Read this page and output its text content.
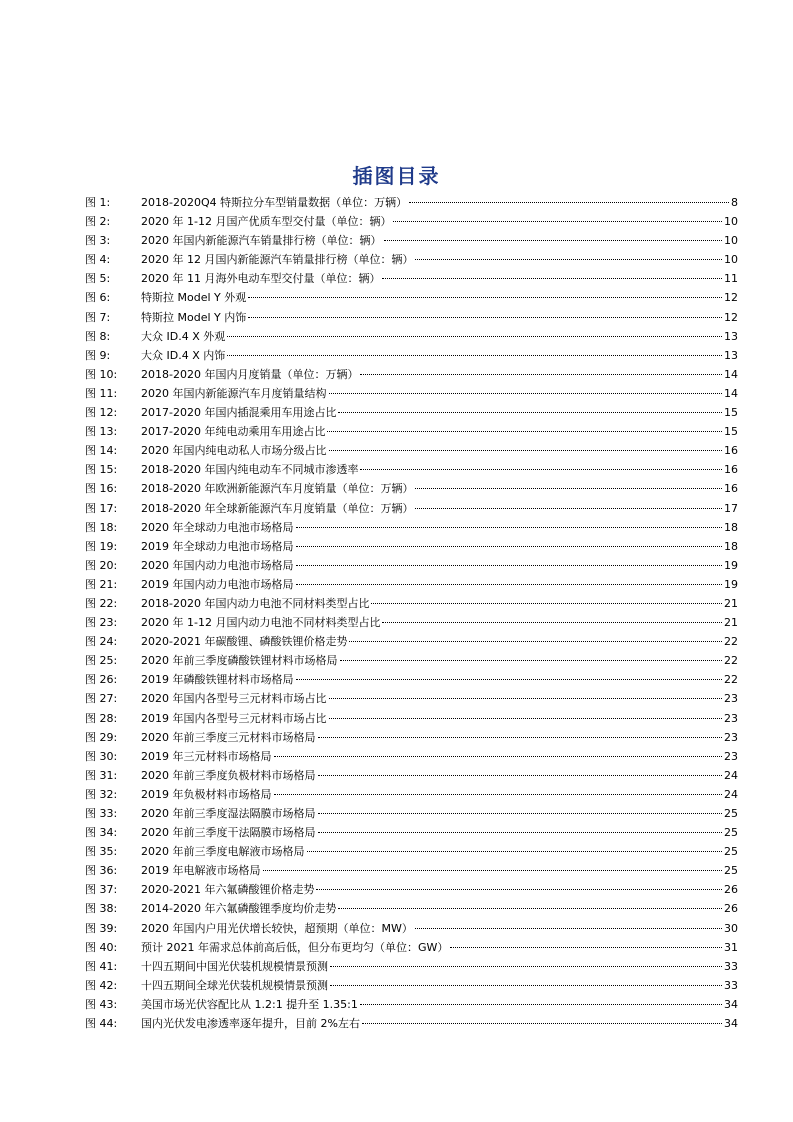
插图目录
图 1:	2018-2020Q4 特斯拉分车型销量数据（单位：万辆）	8
图 2:	2020 年 1-12 月国产优质车型交付量（单位：辆）	10
图 3:	2020 年国内新能源汽车销量排行榜（单位：辆）	10
图 4:	2020 年 12 月国内新能源汽车销量排行榜（单位：辆）	10
图 5:	2020 年 11 月海外电动车型交付量（单位：辆）	11
图 6:	特斯拉 Model Y 外观	12
图 7:	特斯拉 Model Y 内饰	12
图 8:	大众 ID.4 X 外观	13
图 9:	大众 ID.4 X 内饰	13
图 10:	2018-2020 年国内月度销量（单位：万辆）	14
图 11:	2020 年国内新能源汽车月度销量结构	14
图 12:	2017-2020 年国内插混乘用车用途占比	15
图 13:	2017-2020 年纯电动乘用车用途占比	15
图 14:	2020 年国内纯电动私人市场分级占比	16
图 15:	2018-2020 年国内纯电动车不同城市渗透率	16
图 16:	2018-2020 年欧洲新能源汽车月度销量（单位：万辆）	16
图 17:	2018-2020 年全球新能源汽车月度销量（单位：万辆）	17
图 18:	2020 年全球动力电池市场格局	18
图 19:	2019 年全球动力电池市场格局	18
图 20:	2020 年国内动力电池市场格局	19
图 21:	2019 年国内动力电池市场格局	19
图 22:	2018-2020 年国内动力电池不同材料类型占比	21
图 23:	2020 年 1-12 月国内动力电池不同材料类型占比	21
图 24:	2020-2021 年碳酸锂、磷酸铁锂价格走势	22
图 25:	2020 年前三季度磷酸铁锂材料市场格局	22
图 26:	2019 年磷酸铁锂材料市场格局	22
图 27:	2020 年国内各型号三元材料市场占比	23
图 28:	2019 年国内各型号三元材料市场占比	23
图 29:	2020 年前三季度三元材料市场格局	23
图 30:	2019 年三元材料市场格局	23
图 31:	2020 年前三季度负极材料市场格局	24
图 32:	2019 年负极材料市场格局	24
图 33:	2020 年前三季度湿法隔膜市场格局	25
图 34:	2020 年前三季度干法隔膜市场格局	25
图 35:	2020 年前三季度电解液市场格局	25
图 36:	2019 年电解液市场格局	25
图 37:	2020-2021 年六氟磷酸锂价格走势	26
图 38:	2014-2020 年六氟磷酸锂季度均价走势	26
图 39:	2020 年国内户用光伏增长较快，超预期（单位：MW）	30
图 40:	预计 2021 年需求总体前高后低，但分布更均匀（单位：GW）	31
图 41:	十四五期间中国光伏装机规模情景预测	33
图 42:	十四五期间全球光伏装机规模情景预测	33
图 43:	美国市场光伏容配比从 1.2:1 提升至 1.35:1	34
图 44:	国内光伏发电渗透率逐年提升，目前 2%左右	34
